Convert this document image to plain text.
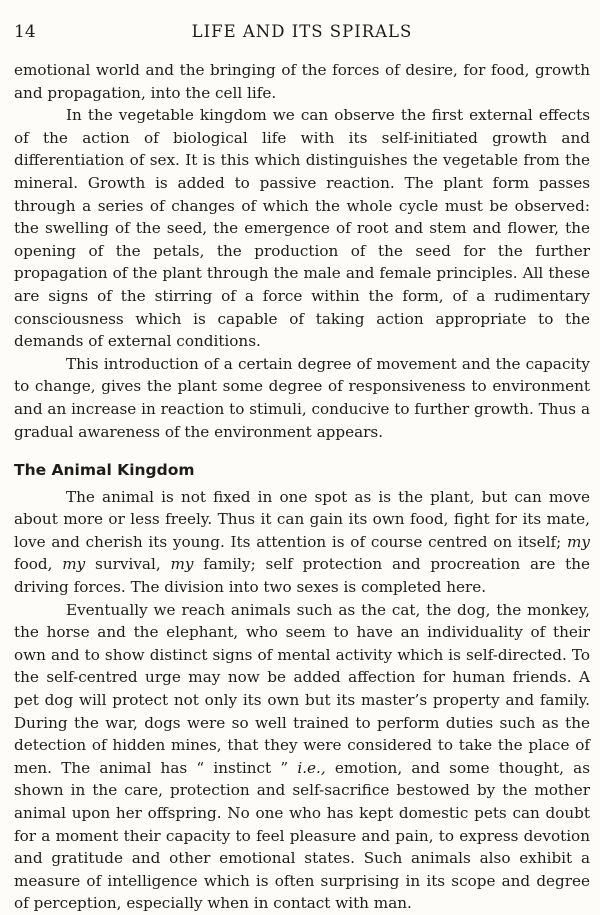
14	LIFE AND ITS SPIRALS

emotional world and the bringing of the forces of desire, for food, growth and propagation, into the cell life.

In the vegetable kingdom we can observe the first external effects of the action of biological life with its self-initiated growth and differentiation of sex. It is this which distinguishes the vegetable from the mineral. Growth is added to passive reaction. The plant form passes through a series of changes of which the whole cycle must be observed: the swelling of the seed, the emergence of root and stem and flower, the opening of the petals, the production of the seed for the further propagation of the plant through the male and female principles. All these are signs of the stirring of a force within the form, of a rudimentary consciousness which is capable of taking action appropriate to the demands of external conditions.

This introduction of a certain degree of movement and the capacity to change, gives the plant some degree of responsiveness to environment and an increase in reaction to stimuli, conducive to further growth. Thus a gradual awareness of the environment appears.

The Animal Kingdom

The animal is not fixed in one spot as is the plant, but can move about more or less freely. Thus it can gain its own food, fight for its mate, love and cherish its young. Its attention is of course centred on itself; my food, my survival, my family; self protection and procreation are the driving forces. The division into two sexes is completed here.

Eventually we reach animals such as the cat, the dog, the monkey, the horse and the elephant, who seem to have an individuality of their own and to show distinct signs of mental activity which is self-directed. To the self-centred urge may now be added affection for human friends. A pet dog will protect not only its own but its master’s property and family. During the war, dogs were so well trained to perform duties such as the detection of hidden mines, that they were considered to take the place of men. The animal has “ instinct ” i.e., emotion, and some thought, as shown in the care, protection and self-sacrifice bestowed by the mother animal upon her offspring. No one who has kept domestic pets can doubt for a moment their capacity to feel pleasure and pain, to express devotion and gratitude and other emotional states. Such animals also exhibit a measure of intelligence which is often surprising in its scope and degree of perception, especially when in contact with man.
